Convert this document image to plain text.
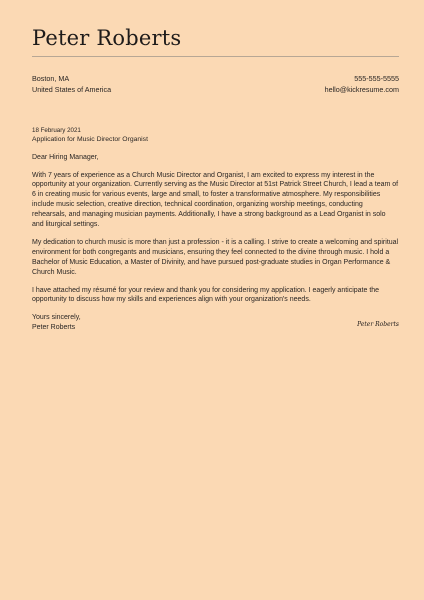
Peter Roberts
Boston, MA
United States of America
555-555-5555
hello@kickresume.com
18 February 2021
Application for Music Director Organist
Dear Hiring Manager,

With 7 years of experience as a Church Music Director and Organist, I am excited to express my interest in the opportunity at your organization. Currently serving as the Music Director at 51st Patrick Street Church, I lead a team of 6 in creating music for various events, large and small, to foster a transformative atmosphere. My responsibilities include music selection, creative direction, technical coordination, organizing worship meetings, conducting rehearsals, and managing musician payments. Additionally, I have a strong background as a Lead Organist in solo and liturgical settings.

My dedication to church music is more than just a profession - it is a calling. I strive to create a welcoming and spiritual environment for both congregants and musicians, ensuring they feel connected to the divine through music. I hold a Bachelor of Music Education, a Master of Divinity, and have pursued post-graduate studies in Organ Performance & Church Music.

I have attached my résumé for your review and thank you for considering my application. I eagerly anticipate the opportunity to discuss how my skills and experiences align with your organization's needs.

Yours sincerely,
Peter Roberts	Peter Roberts
